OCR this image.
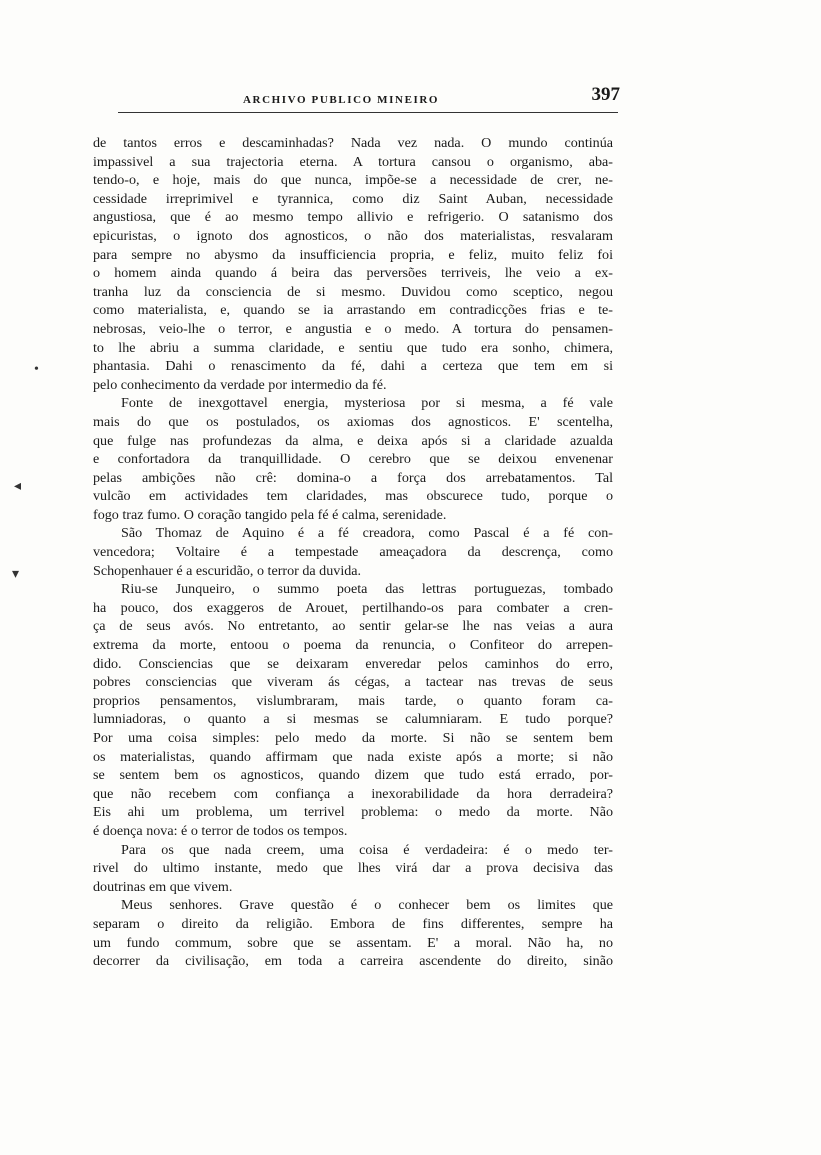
ARCHIVO PUBLICO MINEIRO	397
de tantos erros e descaminhadas? Nada vez nada. O mundo continúa
impassivel a sua trajectoria eterna. A tortura cansou o organismo, aba-
tendo-o, e hoje, mais do que nunca, impõe-se a necessidade de crer, ne-
cessidade irreprimivel e tyrannica, como diz Saint Auban, necessidade
angustiosa, que é ao mesmo tempo allivio e refrigerio. O satanismo dos
epicuristas, o ignoto dos agnosticos, o não dos materialistas, resvalaram
para sempre no abysmo da insufficiencia propria, e feliz, muito feliz foi
o homem ainda quando á beira das perversões terriveis, lhe veio a ex-
tranha luz da consciencia de si mesmo. Duvidou como sceptico, negou
como materialista, e, quando se ia arrastando em contradicções frias e te-
nebrosas, veio-lhe o terror, e angustia e o medo. A tortura do pensamen-
to lhe abriu a summa claridade, e sentiu que tudo era sonho, chimera,
phantasia. Dahi o renascimento da fé, dahi a certeza que tem em si
pelo conhecimento da verdade por intermedio da fé.
Fonte de inexgottavel energia, mysteriosa por si mesma, a fé vale
mais do que os postulados, os axiomas dos agnosticos. E' scentelha,
que fulge nas profundezas da alma, e deixa após si a claridade azualda
e confortadora da tranquillidade. O cerebro que se deixou envenenar
pelas ambições não crê: domina-o a força dos arrebatamentos. Tal
vulcão em actividades tem claridades, mas obscurece tudo, porque o
fogo traz fumo. O coração tangido pela fé é calma, serenidade.
São Thomaz de Aquino é a fé creadora, como Pascal é a fé con-
vencedora; Voltaire é a tempestade ameaçadora da descrença, como
Schopenhauer é a escuridão, o terror da duvida.
Riu-se Junqueiro, o summo poeta das lettras portuguezas, tombado
ha pouco, dos exaggeros de Arouet, pertilhando-os para combater a cren-
ça de seus avós. No entretanto, ao sentir gelar-se lhe nas veias a aura
extrema da morte, entoou o poema da renuncia, o Confiteor do arrepen-
dido. Consciencias que se deixaram enveredar pelos caminhos do erro,
pobres consciencias que viveram ás cégas, a tactear nas trevas de seus
proprios pensamentos, vislumbraram, mais tarde, o quanto foram ca-
lumniadoras, o quanto a si mesmas se calumniaram. E tudo porque?
Por uma coisa simples: pelo medo da morte. Si não se sentem bem
os materialistas, quando affirmam que nada existe após a morte; si não
se sentem bem os agnosticos, quando dizem que tudo está errado, por-
que não recebem com confiança a inexorabilidade da hora derradeira?
Eis ahi um problema, um terrivel problema: o medo da morte. Não
é doença nova: é o terror de todos os tempos.
Para os que nada creem, uma coisa é verdadeira: é o medo ter-
rivel do ultimo instante, medo que lhes virá dar a prova decisiva das
doutrinas em que vivem.
Meus senhores. Grave questão é o conhecer bem os limites que
separam o direito da religião. Embora de fins differentes, sempre ha
um fundo commum, sobre que se assentam. E' a moral. Não ha, no
decorrer da civilisação, em toda a carreira ascendente do direito, sinão
•
◂
▾
